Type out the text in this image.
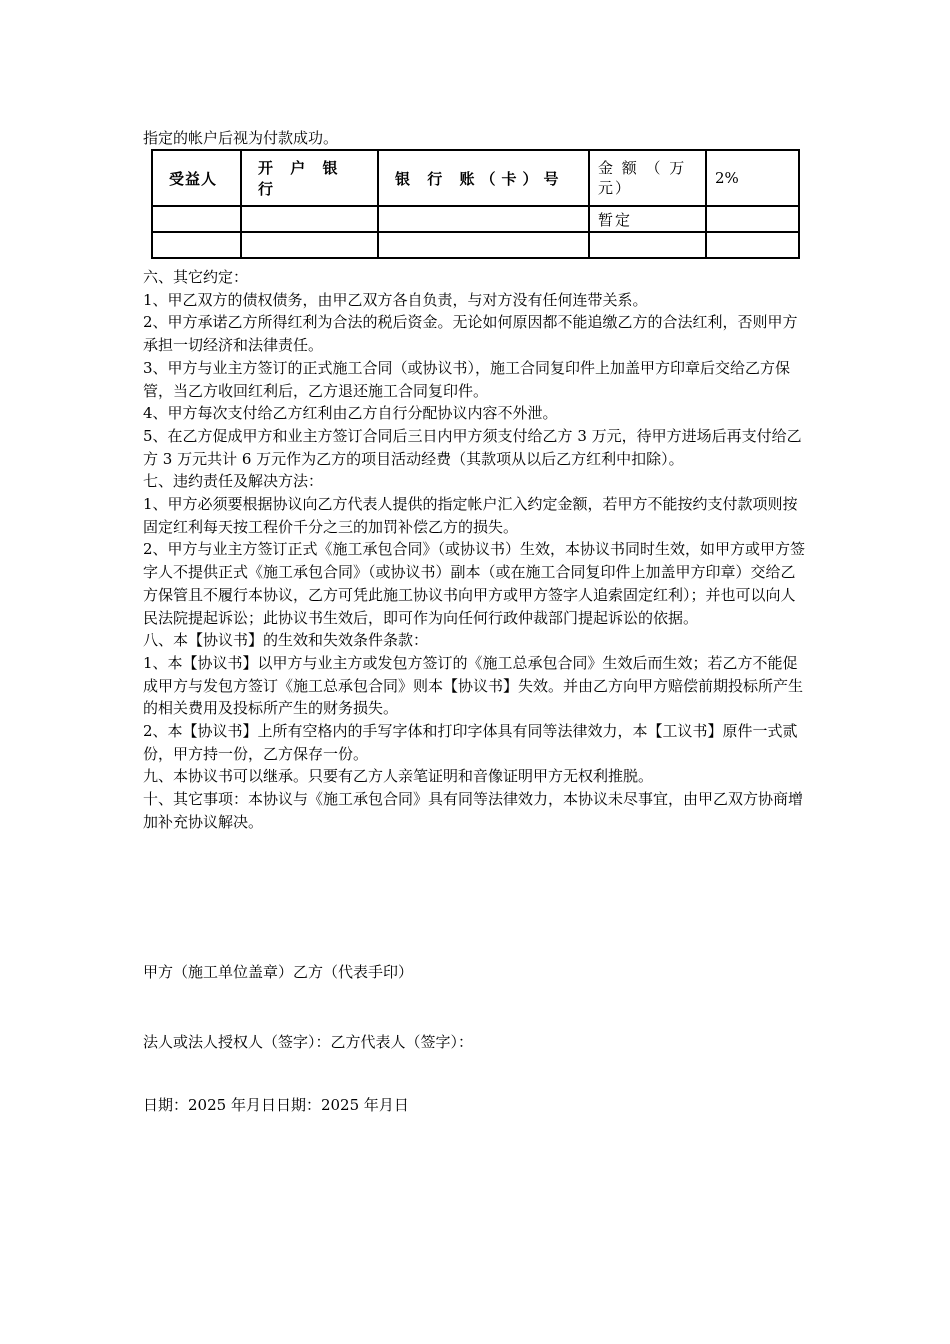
指定的帐户后视为付款成功。
受益人	开 户 银 行	银 行 账（卡）号	金 额 （ 万 元）	2%
			暂定	

六、其它约定：

1、甲乙双方的债权债务，由甲乙双方各自负责，与对方没有任何连带关系。

2、甲方承诺乙方所得红利为合法的税后资金。无论如何原因都不能追缴乙方的合法红利，否则甲方承担一切经济和法律责任。

3、甲方与业主方签订的正式施工合同（或协议书），施工合同复印件上加盖甲方印章后交给乙方保管，当乙方收回红利后，乙方退还施工合同复印件。

4、甲方每次支付给乙方红利由乙方自行分配协议内容不外泄。

5、在乙方促成甲方和业主方签订合同后三日内甲方须支付给乙方 3 万元，待甲方进场后再支付给乙方 3 万元共计 6 万元作为乙方的项目活动经费（其款项从以后乙方红利中扣除）。

七、违约责任及解决方法：

1、甲方必须要根据协议向乙方代表人提供的指定帐户汇入约定金额，若甲方不能按约支付款项则按固定红利每天按工程价千分之三的加罚补偿乙方的损失。

2、甲方与业主方签订正式《施工承包合同》（或协议书）生效，本协议书同时生效，如甲方或甲方签字人不提供正式《施工承包合同》（或协议书）副本（或在施工合同复印件上加盖甲方印章）交给乙方保管且不履行本协议，乙方可凭此施工协议书向甲方或甲方签字人追索固定红利）；并也可以向人民法院提起诉讼；此协议书生效后，即可作为向任何行政仲裁部门提起诉讼的依据。

八、本【协议书】的生效和失效条件条款：

1、本【协议书】以甲方与业主方或发包方签订的《施工总承包合同》生效后而生效；若乙方不能促成甲方与发包方签订《施工总承包合同》则本【协议书】失效。并由乙方向甲方赔偿前期投标所产生的相关费用及投标所产生的财务损失。

2、本【协议书】上所有空格内的手写字体和打印字体具有同等法律效力，本【工议书】原件一式贰份，甲方持一份，乙方保存一份。

九、本协议书可以继承。只要有乙方人亲笔证明和音像证明甲方无权利推脱。

十、其它事项：本协议与《施工承包合同》具有同等法律效力，本协议未尽事宜，由甲乙双方协商增加补充协议解决。

甲方（施工单位盖章）乙方（代表手印）
法人或法人授权人（签字）：乙方代表人（签字）：
日期：2025 年月日日期：2025 年月日
